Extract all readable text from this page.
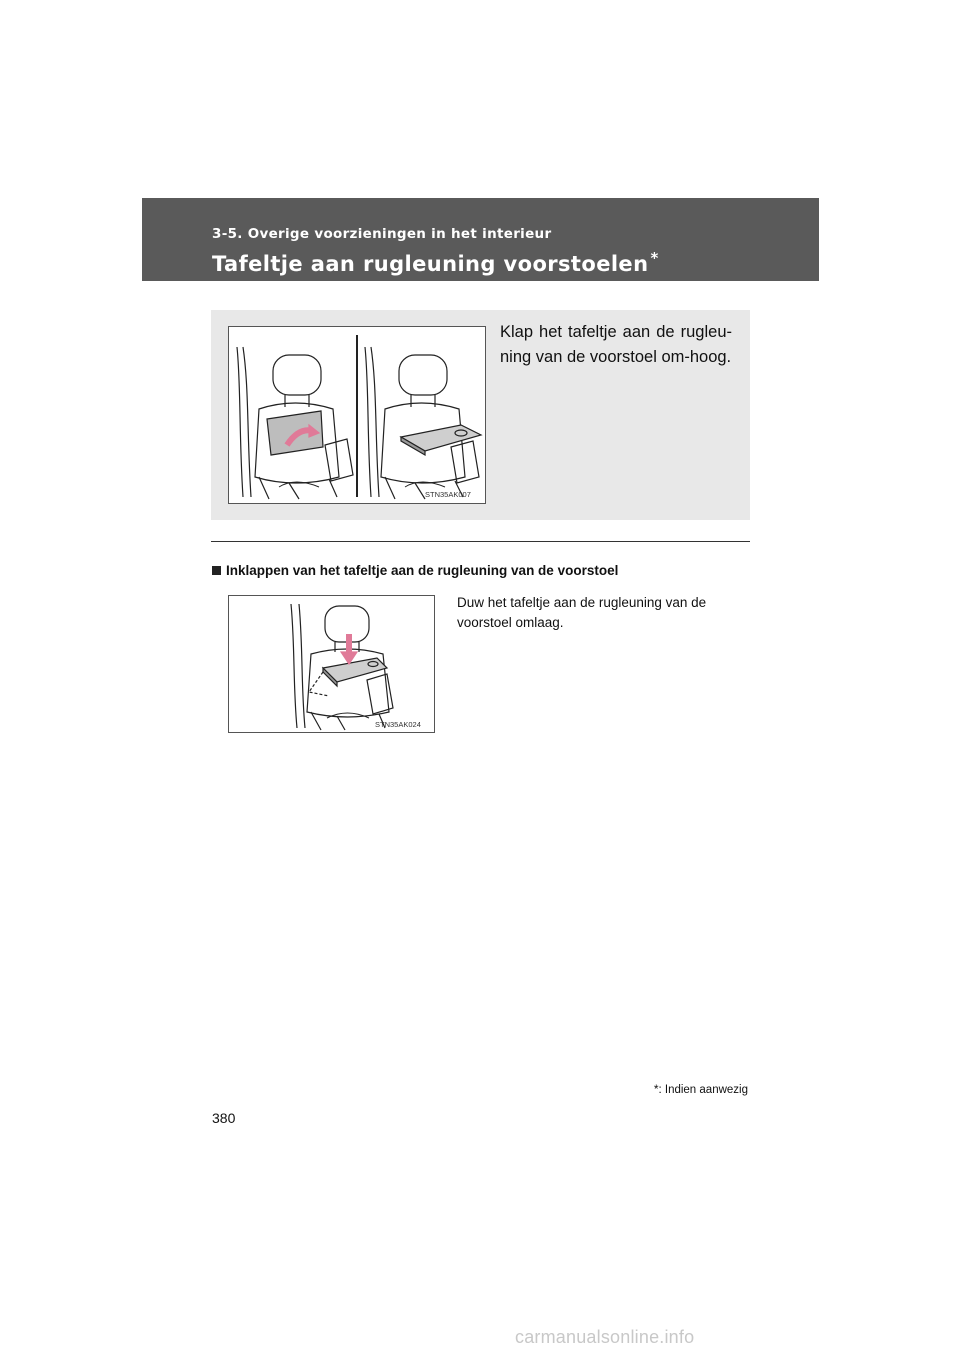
3-5. Overige voorzieningen in het interieur
Tafeltje aan rugleuning voorstoelen *
STN35AK007
Klap het tafeltje aan de rugleu-ning van de voorstoel om-hoog.
Inklappen van het tafeltje aan de rugleuning van de voorstoel
STN35AK024
Duw het tafeltje aan de rugleuning van de voorstoel omlaag.
*: Indien aanwezig
380
carmanualsonline.info
